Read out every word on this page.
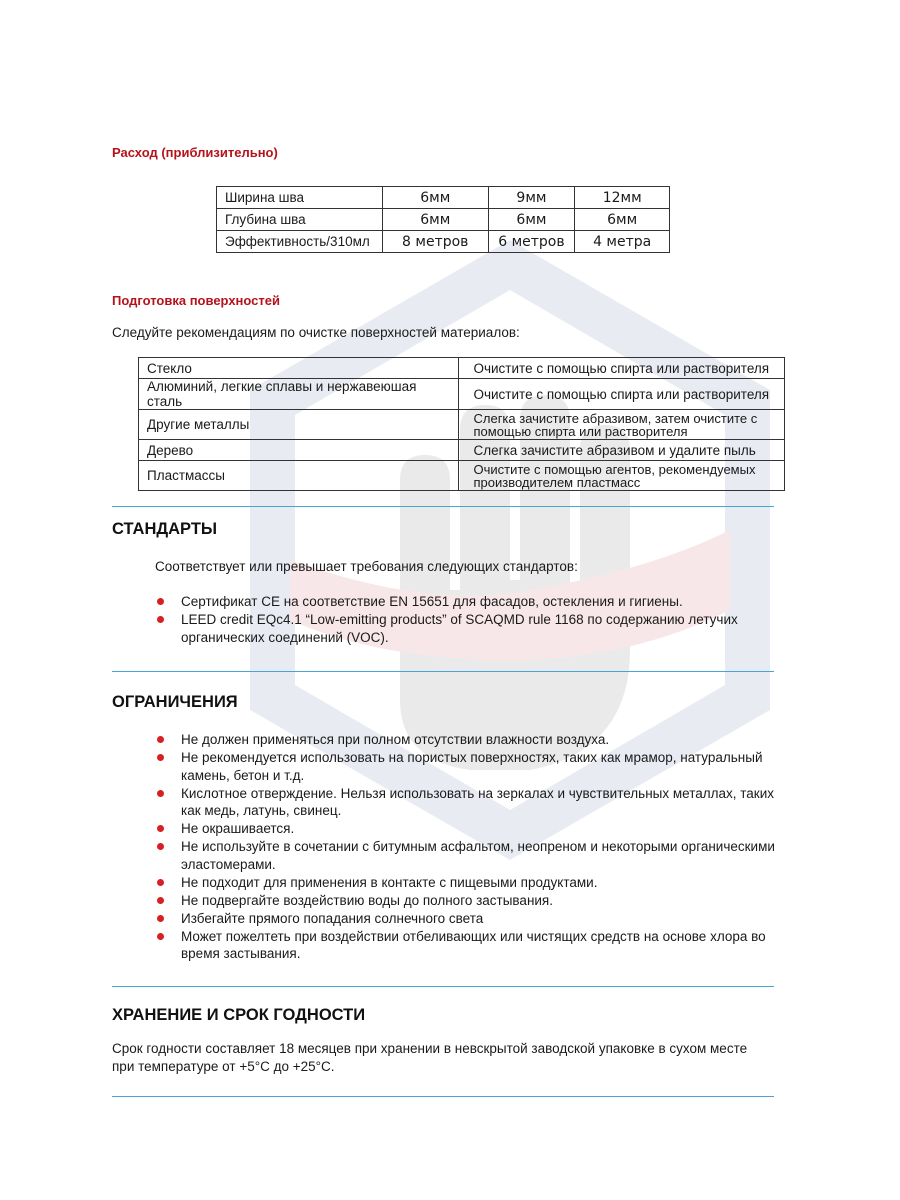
Расход (приблизительно)
Ширина шва	6мм	9мм	12мм
Глубина шва	6мм	6мм	6мм
Эффективность/310мл	8 метров	6 метров	4 метра
Подготовка поверхностей
Следуйте рекомендациям по очистке поверхностей материалов:
Стекло	Очистите с помощью спирта или растворителя
Алюминий, легкие сплавы и нержавеюшая сталь	Очистите с помощью спирта или растворителя
Другие металлы	Слегка зачистите абразивом, затем очистите с помощью спирта или растворителя
Дерево	Слегка зачистите абразивом и удалите пыль
Пластмассы	Очистите с помощью агентов, рекомендуемых производителем пластмасс
СТАНДАРТЫ
Соответствует или превышает требования следующих стандартов:
Сертификат CE на соответствие EN 15651 для фасадов, остекления и гигиены.
LEED credit EQc4.1 “Low-emitting products” of SCAQMD rule 1168 по содержанию летучих органических соединений (VOC).
ОГРАНИЧЕНИЯ
Не должен применяться при полном отсутствии влажности воздуха.
Не рекомендуется использовать на пористых поверхностях, таких как мрамор, натуральный камень, бетон и т.д.
Кислотное отверждение. Нельзя использовать на зеркалах и чувствительных металлах, таких как медь, латунь, свинец.
Не окрашивается.
Не используйте в сочетании с битумным асфальтом, неопреном и некоторыми органическими эластомерами.
Не подходит для применения в контакте с пищевыми продуктами.
Не подвергайте воздействию воды до полного застывания.
Избегайте прямого попадания солнечного света
Может пожелтеть при воздействии отбеливающих или чистящих средств на основе хлора во время застывания.
ХРАНЕНИЕ И СРОК ГОДНОСТИ
Срок годности составляет 18 месяцев при хранении в невскрытой заводской упаковке в сухом месте при температуре от +5°C до +25°C.
